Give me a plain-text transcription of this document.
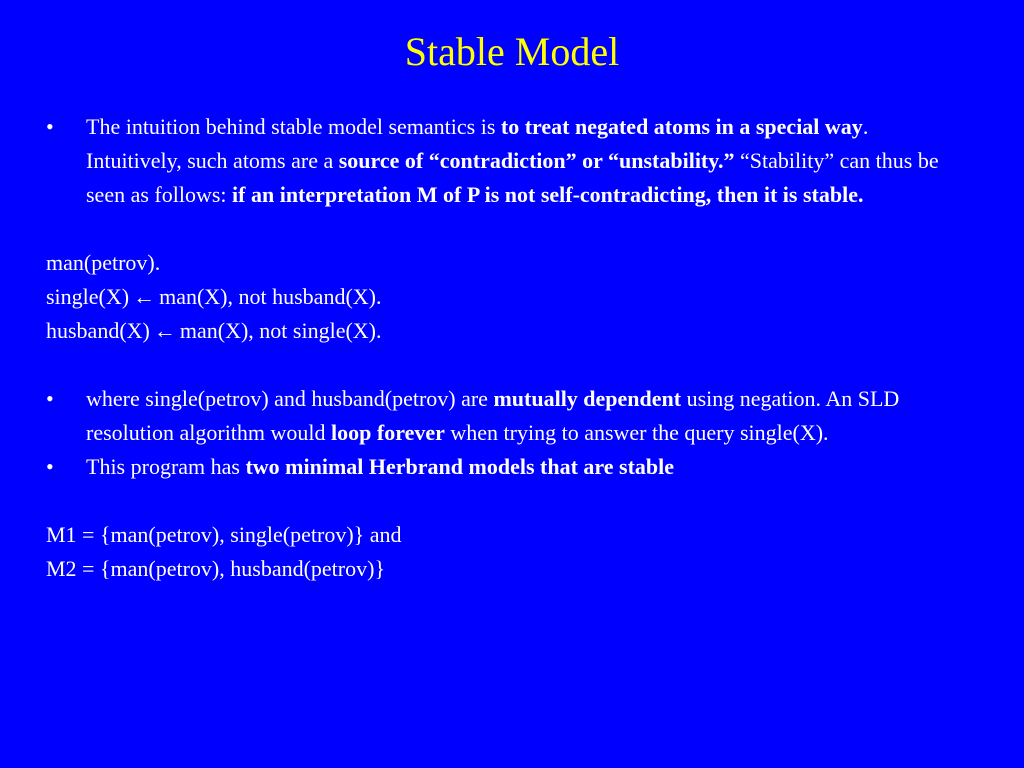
Stable Model
•	The intuition behind stable model semantics is to treat negated atoms in a special way. Intuitively, such atoms are a source of “contradiction” or “unstability.” “Stability” can thus be seen as follows: if an interpretation M of P is not self-contradicting, then it is stable.

man(petrov).

single(X) ← man(X), not husband(X).

husband(X) ← man(X), not single(X).

•	where single(petrov) and husband(petrov) are mutually dependent using negation. An SLD resolution algorithm would loop forever when trying to answer the query single(X).
•	This program has two minimal Herbrand models that are stable

M1 = {man(petrov), single(petrov)} and

M2 = {man(petrov), husband(petrov)}
